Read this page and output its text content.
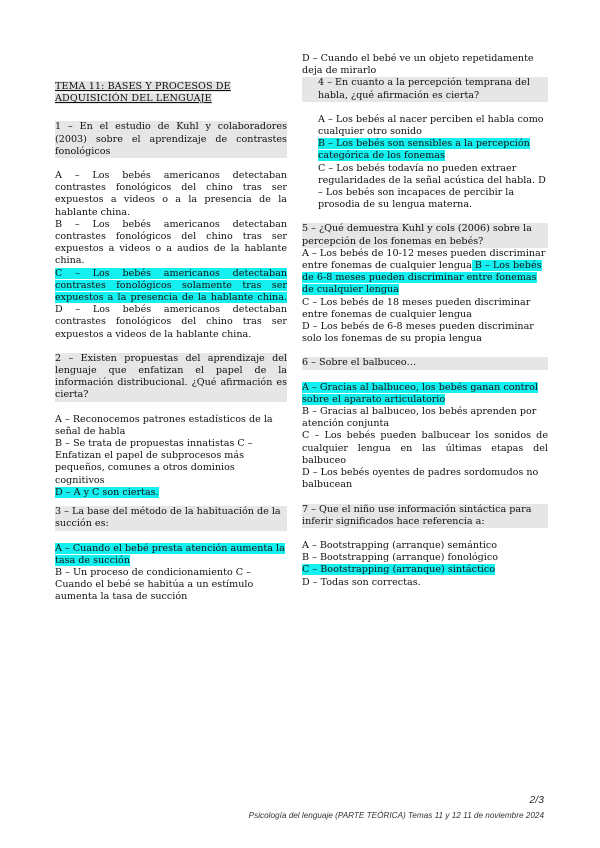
TEMA 11: BASES Y PROCESOS DE
ADQUISICIÓN DEL LENGUAJE

1 – En el estudio de Kuhl y colaboradores (2003) sobre el aprendizaje de contrastes fonológicos

A – Los bebés americanos detectaban contrastes fonológicos del chino tras ser expuestos a videos o a la presencia de la hablante china.

B – Los bebés americanos detectaban contrastes fonológicos del chino tras ser expuestos a videos o a audios de la hablante china.

C – Los bebés americanos detectaban contrastes fonológicos solamente tras ser expuestos a la presencia de la hablante china. D – Los bebés americanos detectaban contrastes fonológicos del chino tras ser expuestos a videos de la hablante china.

2 – Existen propuestas del aprendizaje del lenguaje que enfatizan el papel de la información distribucional. ¿Qué afirmación es cierta?

A – Reconocemos patrones estadísticos de la señal de habla

B – Se trata de propuestas innatistas C – Enfatizan el papel de subprocesos más pequeños, comunes a otros dominios cognitivos

D – A y C son ciertas.

3 – La base del método de la habituación de la succión es:

A – Cuando el bebé presta atención aumenta la tasa de succión

B – Un proceso de condicionamiento C – Cuando el bebé se habitúa a un estímulo aumenta la tasa de succión

D – Cuando el bebé ve un objeto repetidamente deja de mirarlo

4 – En cuanto a la percepción temprana del habla, ¿qué afirmación es cierta?

A – Los bebés al nacer perciben el habla como cualquier otro sonido

B – Los bebés son sensibles a la percepción categórica de los fonemas

C – Los bebés todavía no pueden extraer regularidades de la señal acústica del habla. D – Los bebés son incapaces de percibir la prosodia de su lengua materna.

5 – ¿Qué demuestra Kuhl y cols (2006) sobre la percepción de los fonemas en bebés?

A – Los bebés de 10-12 meses pueden discriminar entre fonemas de cualquier lengua B – Los bebés de 6-8 meses pueden discriminar entre fonemas de cualquier lengua

C – Los bebés de 18 meses pueden discriminar entre fonemas de cualquier lengua

D – Los bebés de 6-8 meses pueden discriminar solo los fonemas de su propia lengua

6 – Sobre el balbuceo…

A – Gracias al balbuceo, los bebés ganan control sobre el aparato articulatorio

B – Gracias al balbuceo, los bebés aprenden por atención conjunta

C – Los bebés pueden balbucear los sonidos de cualquier lengua en las últimas etapas del balbuceo

D – Los bebés oyentes de padres sordomudos no balbucean

7 – Que el niño use información sintáctica para inferir significados hace referencia a:

A – Bootstrapping (arranque) semántico

B – Bootstrapping (arranque) fonológico

C – Bootstrapping (arranque) sintáctico

D – Todas son correctas.

2/3
Psicología del lenguaje (PARTE TEÓRICA) Temas 11 y 12 11 de noviembre 2024
